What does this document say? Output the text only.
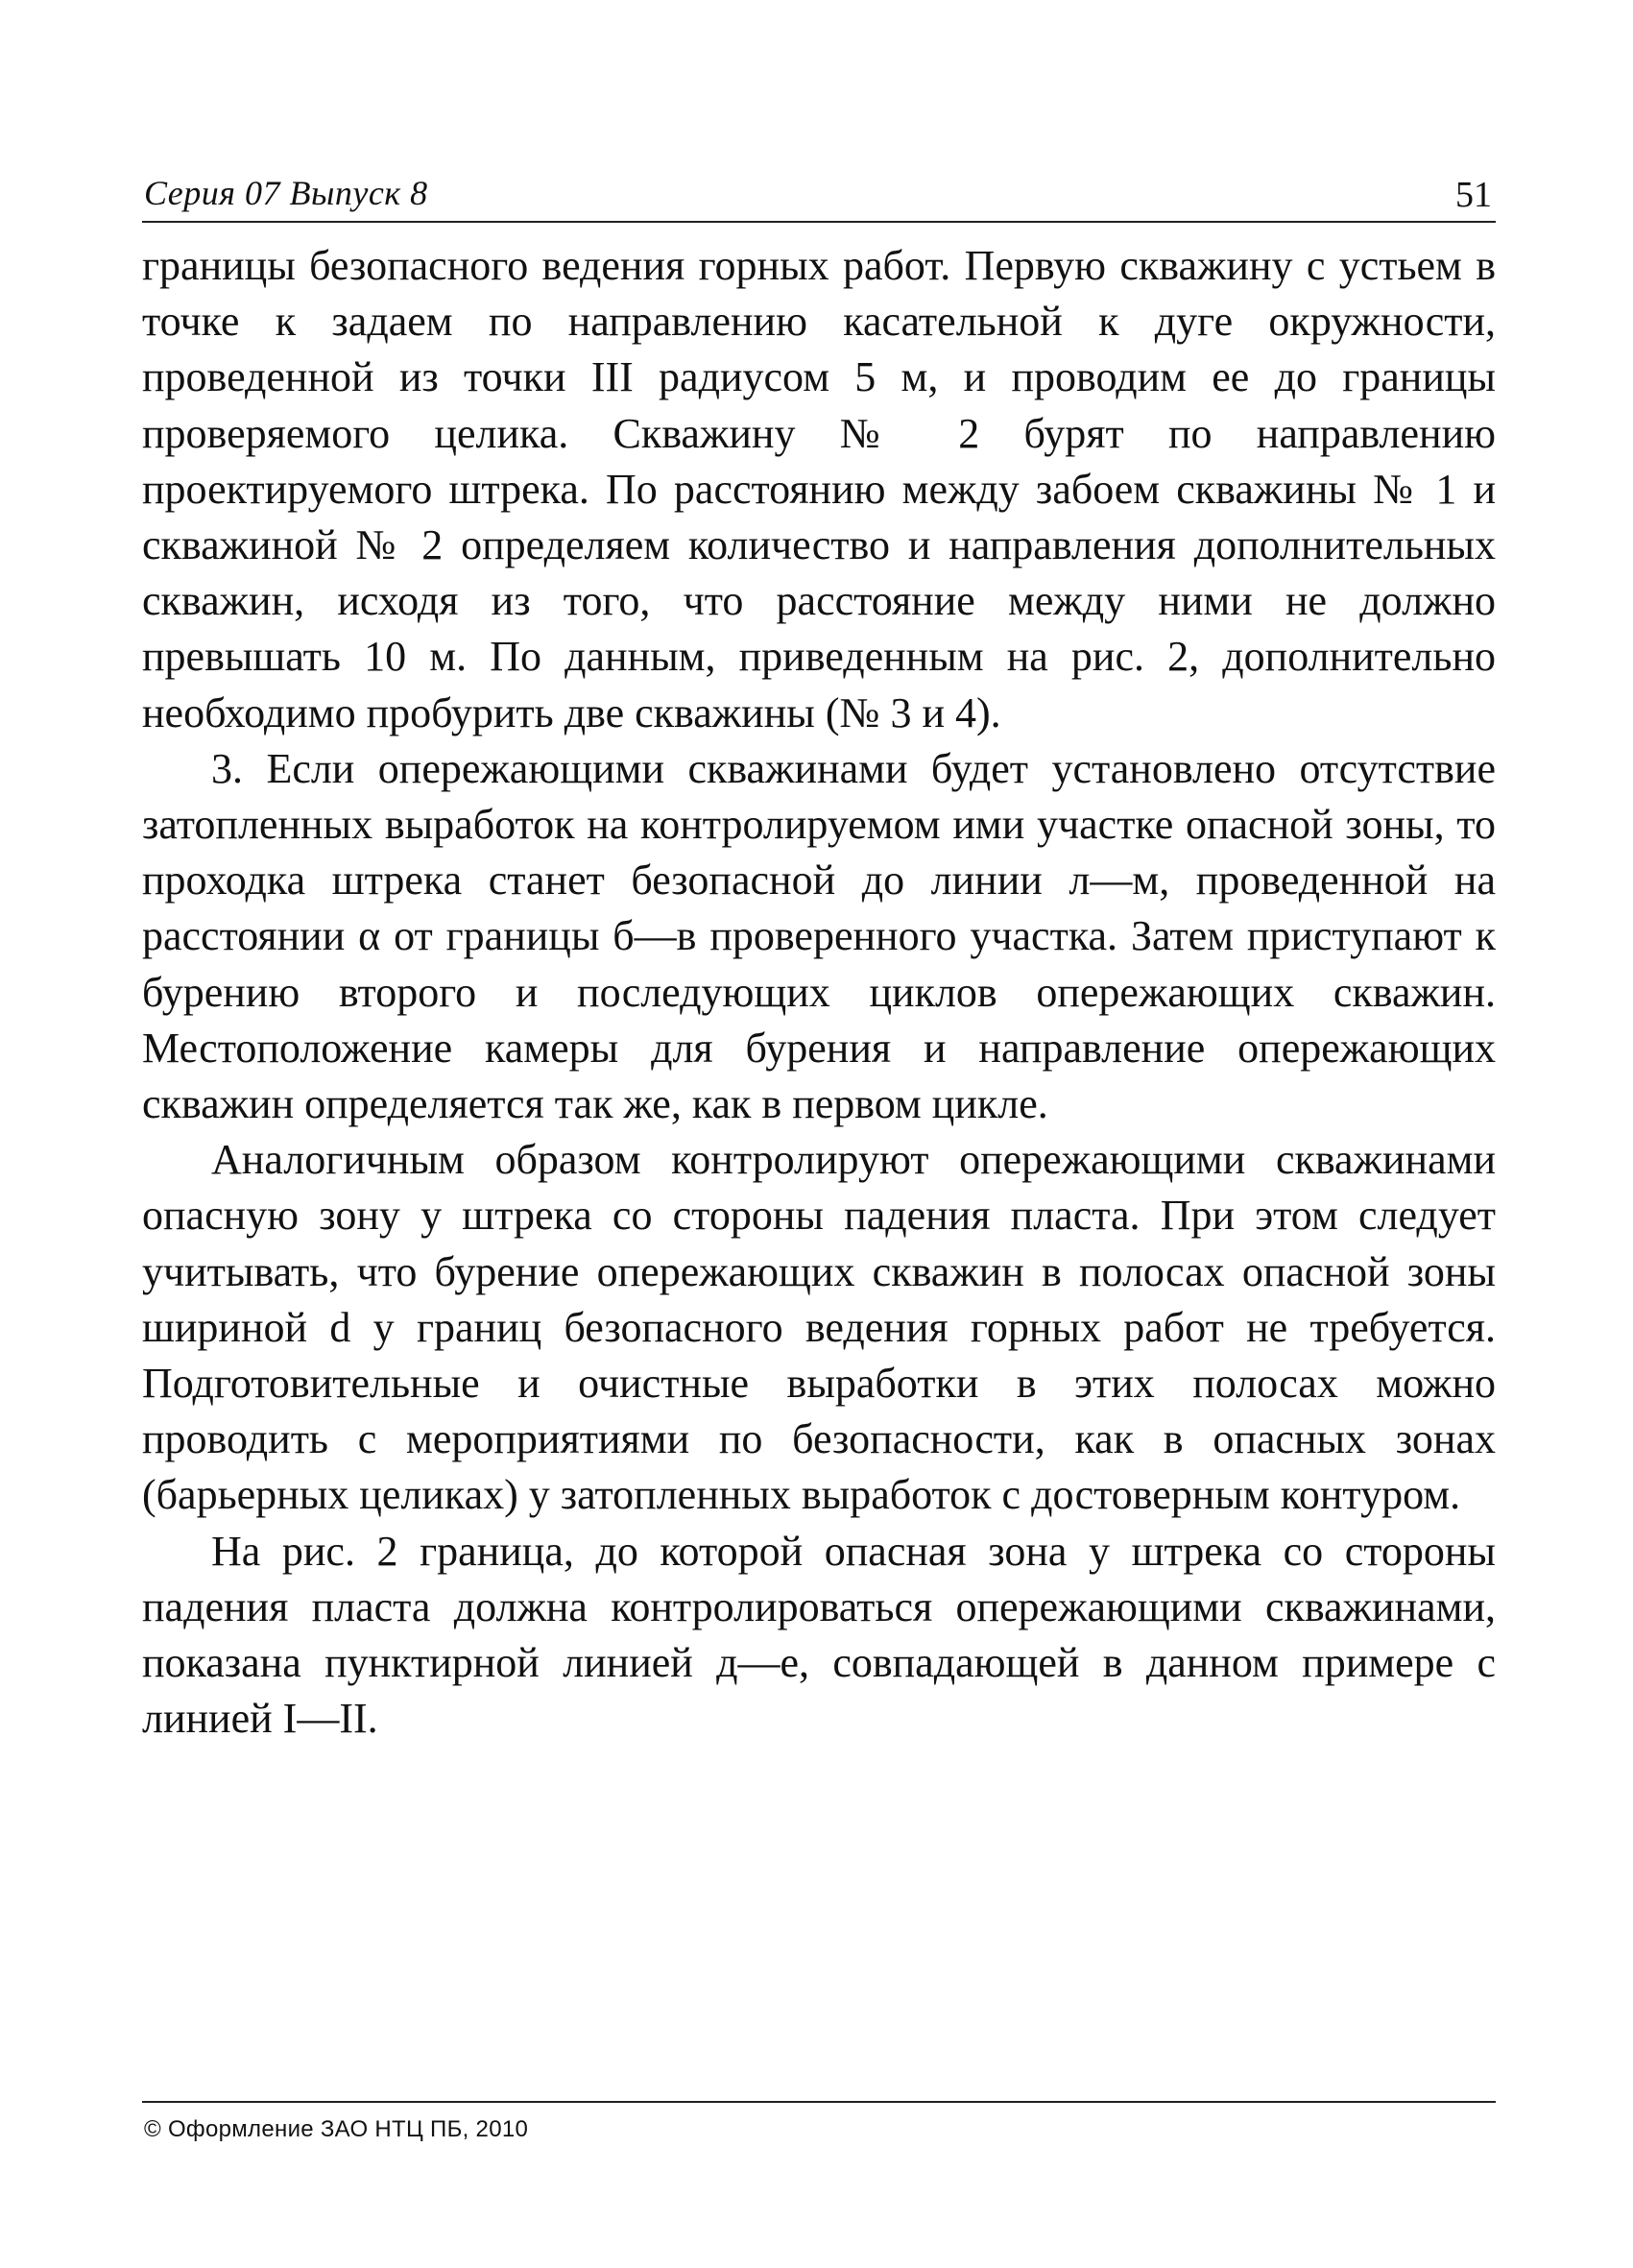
Серия 07 Выпуск 8	51

границы безопасного ведения горных работ. Первую скважину с устьем в точке к задаем по направлению касательной к дуге окружности, проведенной из точки III радиусом 5 м, и проводим ее до границы проверяемого целика. Скважину № 2 бурят по направлению проектируемого штрека. По расстоянию между забоем скважины № 1 и скважиной № 2 определяем количество и направления дополнительных скважин, исходя из того, что расстояние между ними не должно превышать 10 м. По данным, приведенным на рис. 2, дополнительно необходимо пробурить две скважины (№ 3 и 4).

3. Если опережающими скважинами будет установлено отсутствие затопленных выработок на контролируемом ими участке опасной зоны, то проходка штрека станет безопасной до линии л—м, проведенной на расстоянии α от границы б—в проверенного участка. Затем приступают к бурению второго и последующих циклов опережающих скважин. Местоположение камеры для бурения и направление опережающих скважин определяется так же, как в первом цикле.

Аналогичным образом контролируют опережающими скважинами опасную зону у штрека со стороны падения пласта. При этом следует учитывать, что бурение опережающих скважин в полосах опасной зоны шириной d у границ безопасного ведения горных работ не требуется. Подготовительные и очистные выработки в этих полосах можно проводить с мероприятиями по безопасности, как в опасных зонах (барьерных целиках) у затопленных выработок с достоверным контуром.

На рис. 2 граница, до которой опасная зона у штрека со стороны падения пласта должна контролироваться опережающими скважинами, показана пунктирной линией д—е, совпадающей в данном примере с линией I—II.

© Оформление ЗАО НТЦ ПБ, 2010
